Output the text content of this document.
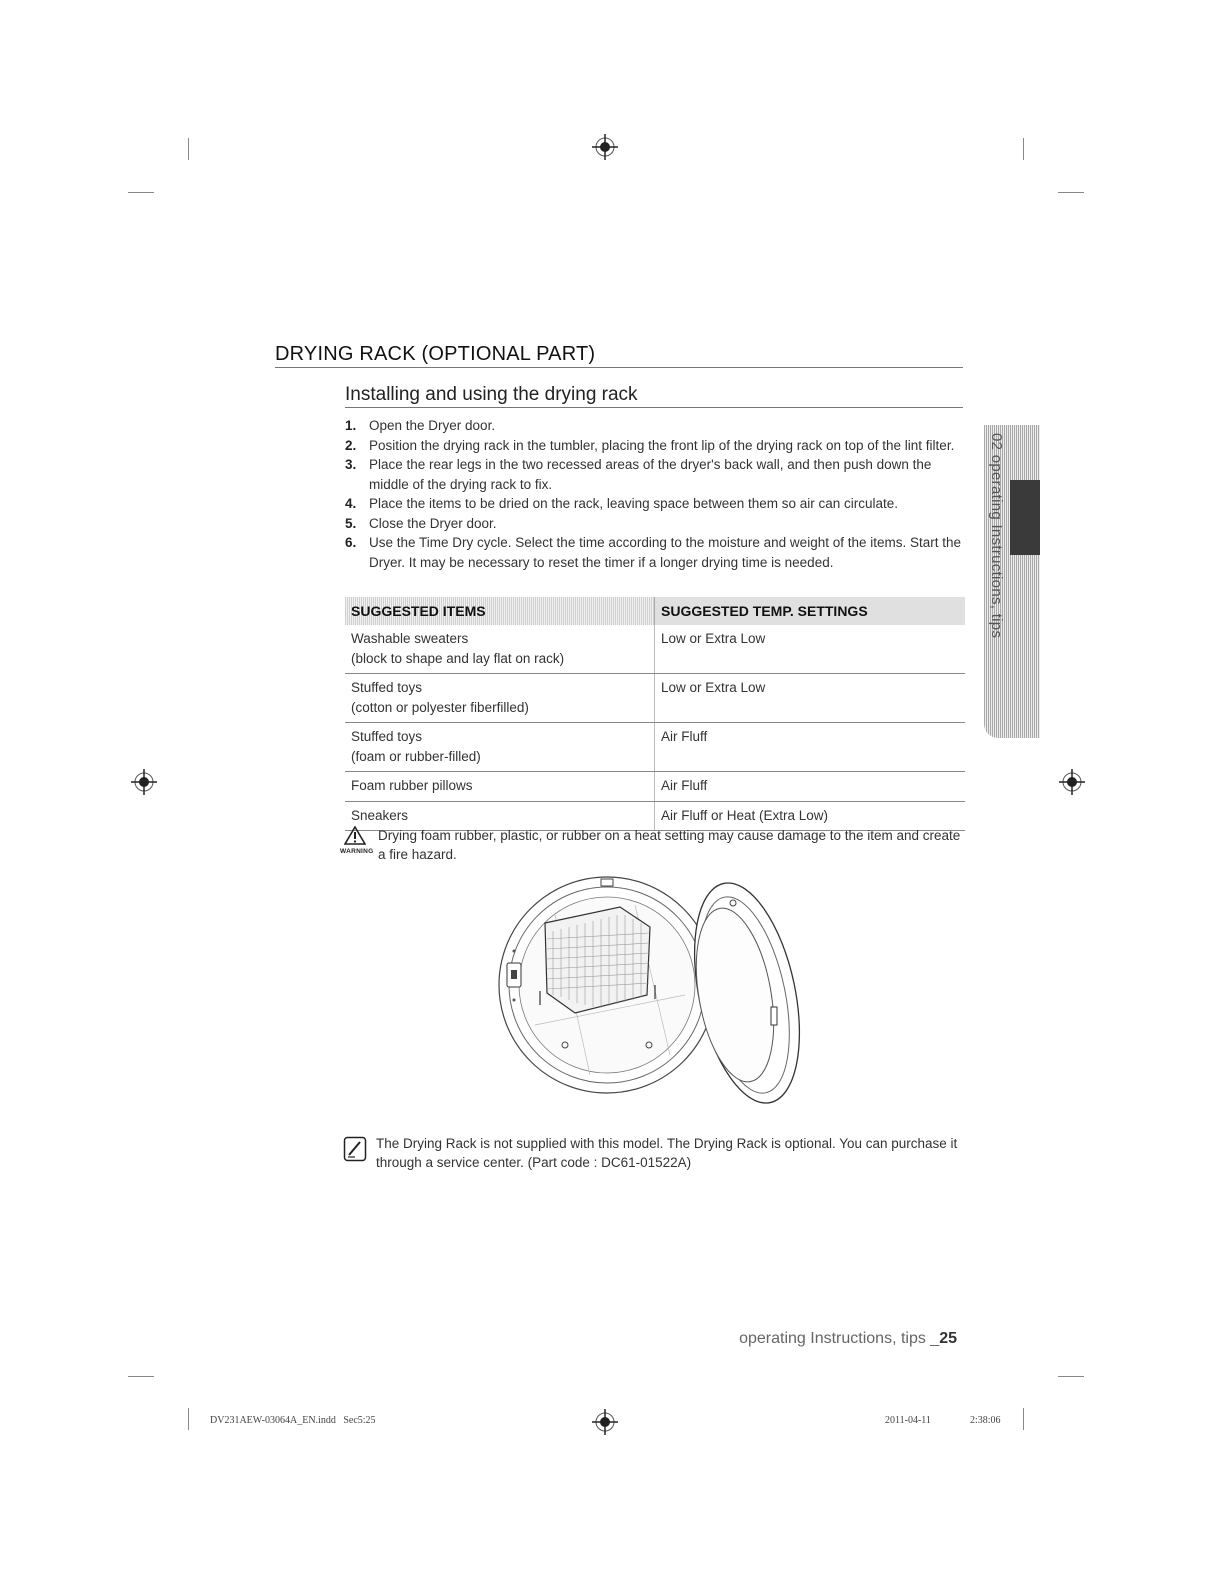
DRYING RACK (OPTIONAL PART)
Installing and using the drying rack
1. Open the Dryer door.
2. Position the drying rack in the tumbler, placing the front lip of the drying rack on top of the lint filter.
3. Place the rear legs in the two recessed areas of the dryer's back wall, and then push down the middle of the drying rack to fix.
4. Place the items to be dried on the rack, leaving space between them so air can circulate.
5. Close the Dryer door.
6. Use the Time Dry cycle. Select the time according to the moisture and weight of the items. Start the Dryer. It may be necessary to reset the timer if a longer drying time is needed.
SUGGESTED ITEMS	SUGGESTED TEMP. SETTINGS

Washable sweaters
(block to shape and lay flat on rack)	Low or Extra Low

Stuffed toys
(cotton or polyester fiberfilled)	Low or Extra Low

Stuffed toys
(foam or rubber-filled)	Air Fluff

Foam rubber pillows	Air Fluff

Sneakers	Air Fluff or Heat (Extra Low)
WARNING
Drying foam rubber, plastic, or rubber on a heat setting may cause damage to the item and create a fire hazard.
The Drying Rack is not supplied with this model. The Drying Rack is optional. You can purchase it through a service center. (Part code : DC61-01522A)
02 operating Instructions, tips
operating Instructions, tips _25
DV231AEW-03064A_EN.indd   Sec5:25	2011-04-11	2:38:06
